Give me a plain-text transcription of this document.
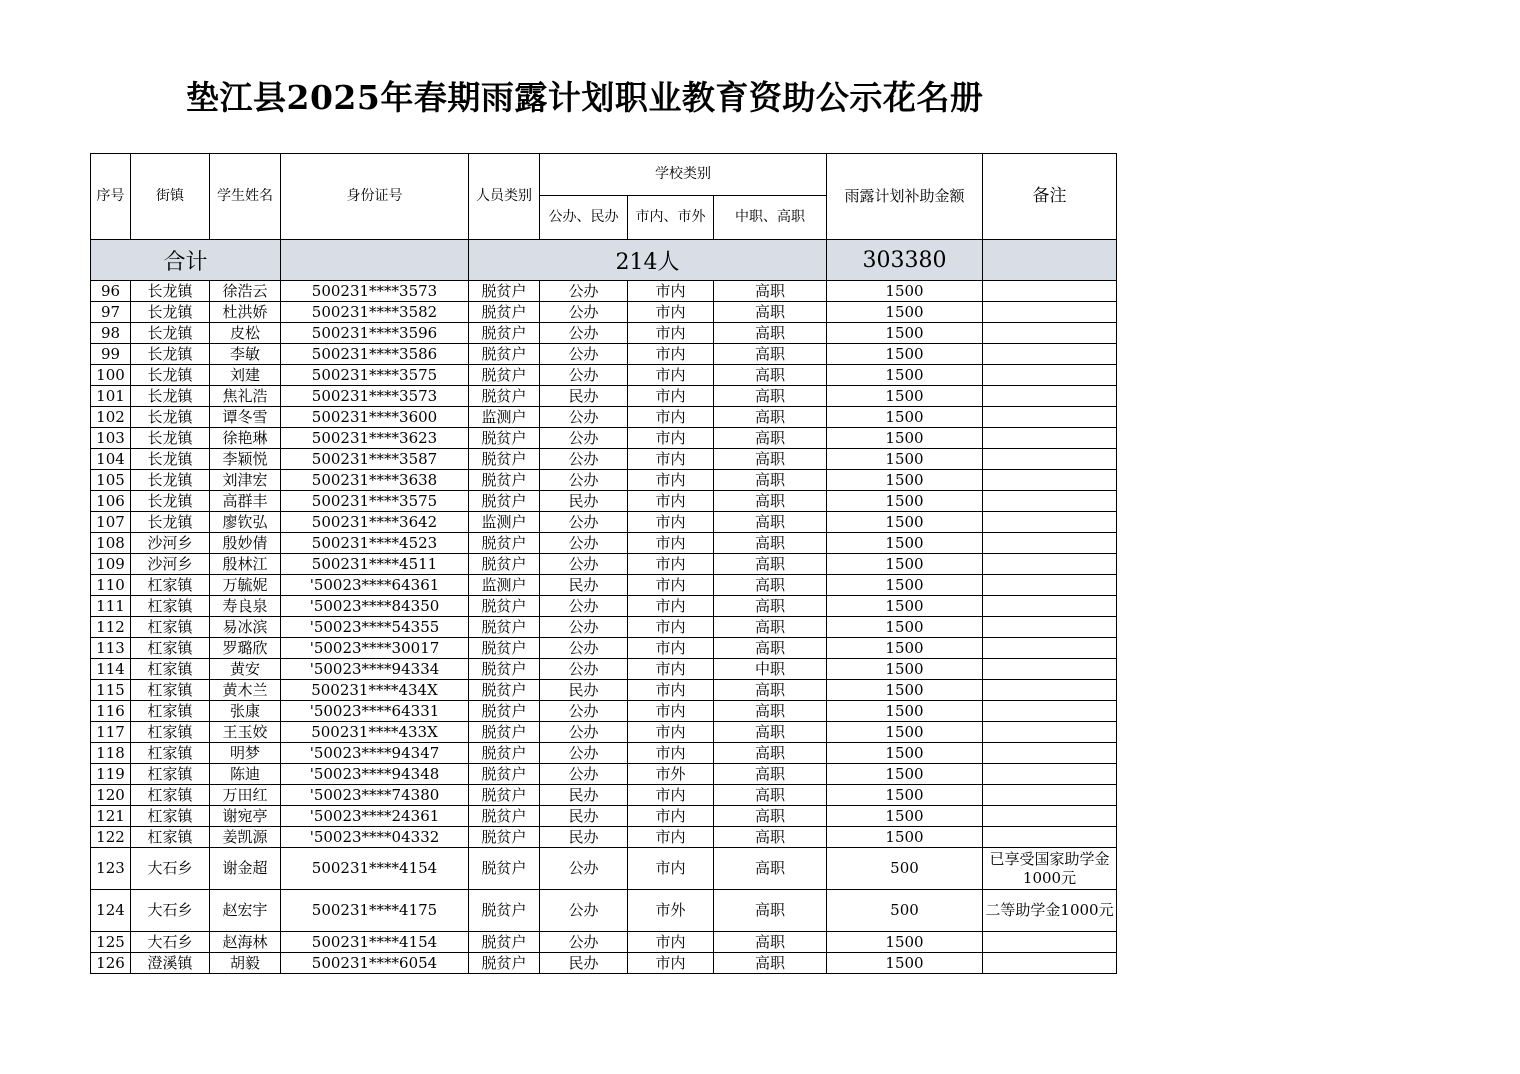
垫江县2025年春期雨露计划职业教育资助公示花名册
序号	街镇	学生姓名	身份证号	人员类别	学校类别			雨露计划补助金额	备注
					公办、民办	市内、市外	中职、高职		
合计				214人				303380	
96	长龙镇	徐浩云	500231****3573	脱贫户	公办	市内	高职	1500	
97	长龙镇	杜洪娇	500231****3582	脱贫户	公办	市内	高职	1500	
98	长龙镇	皮松	500231****3596	脱贫户	公办	市内	高职	1500	
99	长龙镇	李敏	500231****3586	脱贫户	公办	市内	高职	1500	
100	长龙镇	刘建	500231****3575	脱贫户	公办	市内	高职	1500	
101	长龙镇	焦礼浩	500231****3573	脱贫户	民办	市内	高职	1500	
102	长龙镇	谭冬雪	500231****3600	监测户	公办	市内	高职	1500	
103	长龙镇	徐艳琳	500231****3623	脱贫户	公办	市内	高职	1500	
104	长龙镇	李颖悦	500231****3587	脱贫户	公办	市内	高职	1500	
105	长龙镇	刘津宏	500231****3638	脱贫户	公办	市内	高职	1500	
106	长龙镇	高群丰	500231****3575	脱贫户	民办	市内	高职	1500	
107	长龙镇	廖钦弘	500231****3642	监测户	公办	市内	高职	1500	
108	沙河乡	殷妙倩	500231****4523	脱贫户	公办	市内	高职	1500	
109	沙河乡	殷林江	500231****4511	脱贫户	公办	市内	高职	1500	
110	杠家镇	万毓妮	'50023****64361	监测户	民办	市内	高职	1500	
111	杠家镇	寿良泉	'50023****84350	脱贫户	公办	市内	高职	1500	
112	杠家镇	易冰滨	'50023****54355	脱贫户	公办	市内	高职	1500	
113	杠家镇	罗璐欣	'50023****30017	脱贫户	公办	市内	高职	1500	
114	杠家镇	黄安	'50023****94334	脱贫户	公办	市内	中职	1500	
115	杠家镇	黄木兰	500231****434X	脱贫户	民办	市内	高职	1500	
116	杠家镇	张康	'50023****64331	脱贫户	公办	市内	高职	1500	
117	杠家镇	王玉姣	500231****433X	脱贫户	公办	市内	高职	1500	
118	杠家镇	明梦	'50023****94347	脱贫户	公办	市内	高职	1500	
119	杠家镇	陈迪	'50023****94348	脱贫户	公办	市外	高职	1500	
120	杠家镇	万田红	'50023****74380	脱贫户	民办	市内	高职	1500	
121	杠家镇	谢宛亭	'50023****24361	脱贫户	民办	市内	高职	1500	
122	杠家镇	姜凯源	'50023****04332	脱贫户	民办	市内	高职	1500	
123	大石乡	谢金超	500231****4154	脱贫户	公办	市内	高职	500	已享受国家助学金1000元
124	大石乡	赵宏宇	500231****4175	脱贫户	公办	市外	高职	500	二等助学金1000元
125	大石乡	赵海林	500231****4154	脱贫户	公办	市内	高职	1500	
126	澄溪镇	胡毅	500231****6054	脱贫户	民办	市内	高职	1500	
